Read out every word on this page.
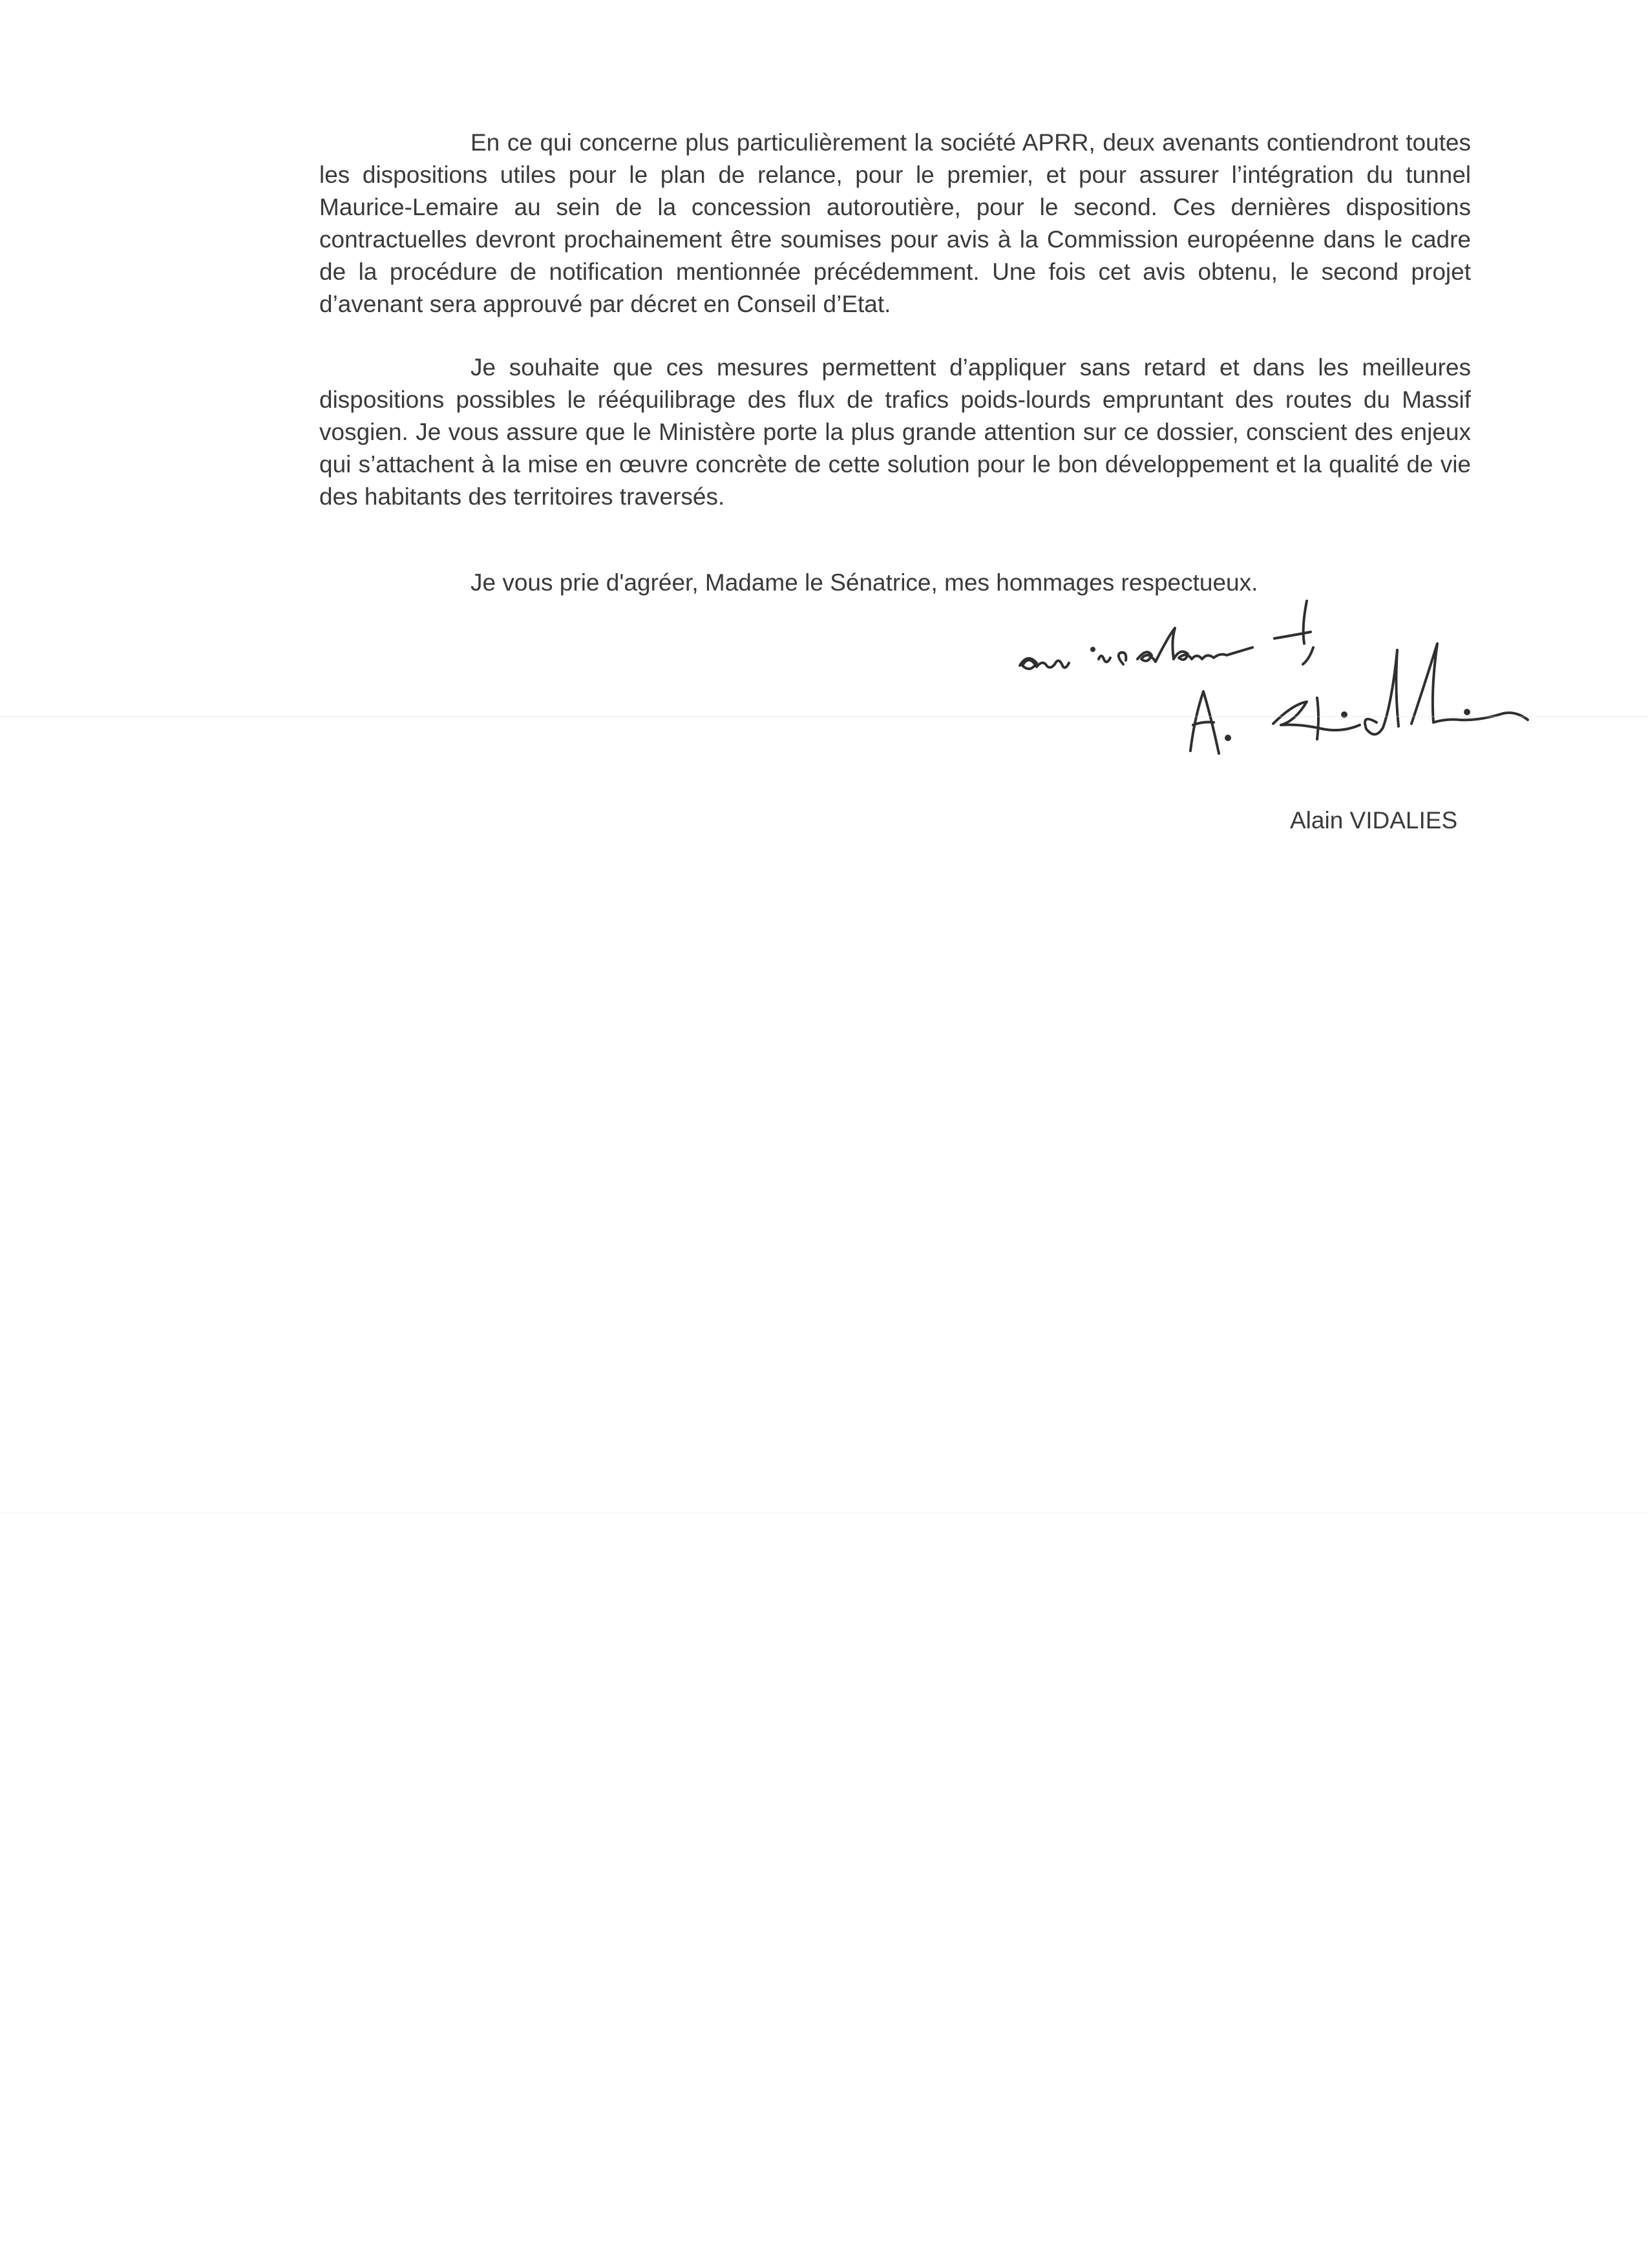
En ce qui concerne plus particulièrement la société APRR, deux avenants contiendront toutes les dispositions utiles pour le plan de relance, pour le premier, et pour assurer l’intégration du tunnel Maurice-Lemaire au sein de la concession autoroutière, pour le second. Ces dernières dispositions contractuelles devront prochainement être soumises pour avis à la Commission européenne dans le cadre de la procédure de notification mentionnée précédemment. Une fois cet avis obtenu, le second projet d’avenant sera approuvé par décret en Conseil d’Etat.

Je souhaite que ces mesures permettent d’appliquer sans retard et dans les meilleures dispositions possibles le rééquilibrage des flux de trafics poids-lourds empruntant des routes du Massif vosgien. Je vous assure que le Ministère porte la plus grande attention sur ce dossier, conscient des enjeux qui s’attachent à la mise en œuvre concrète de cette solution pour le bon développement et la qualité de vie des habitants des territoires traversés.

Je vous prie d'agréer, Madame le Sénatrice, mes hommages respectueux.

Alain VIDALIES
